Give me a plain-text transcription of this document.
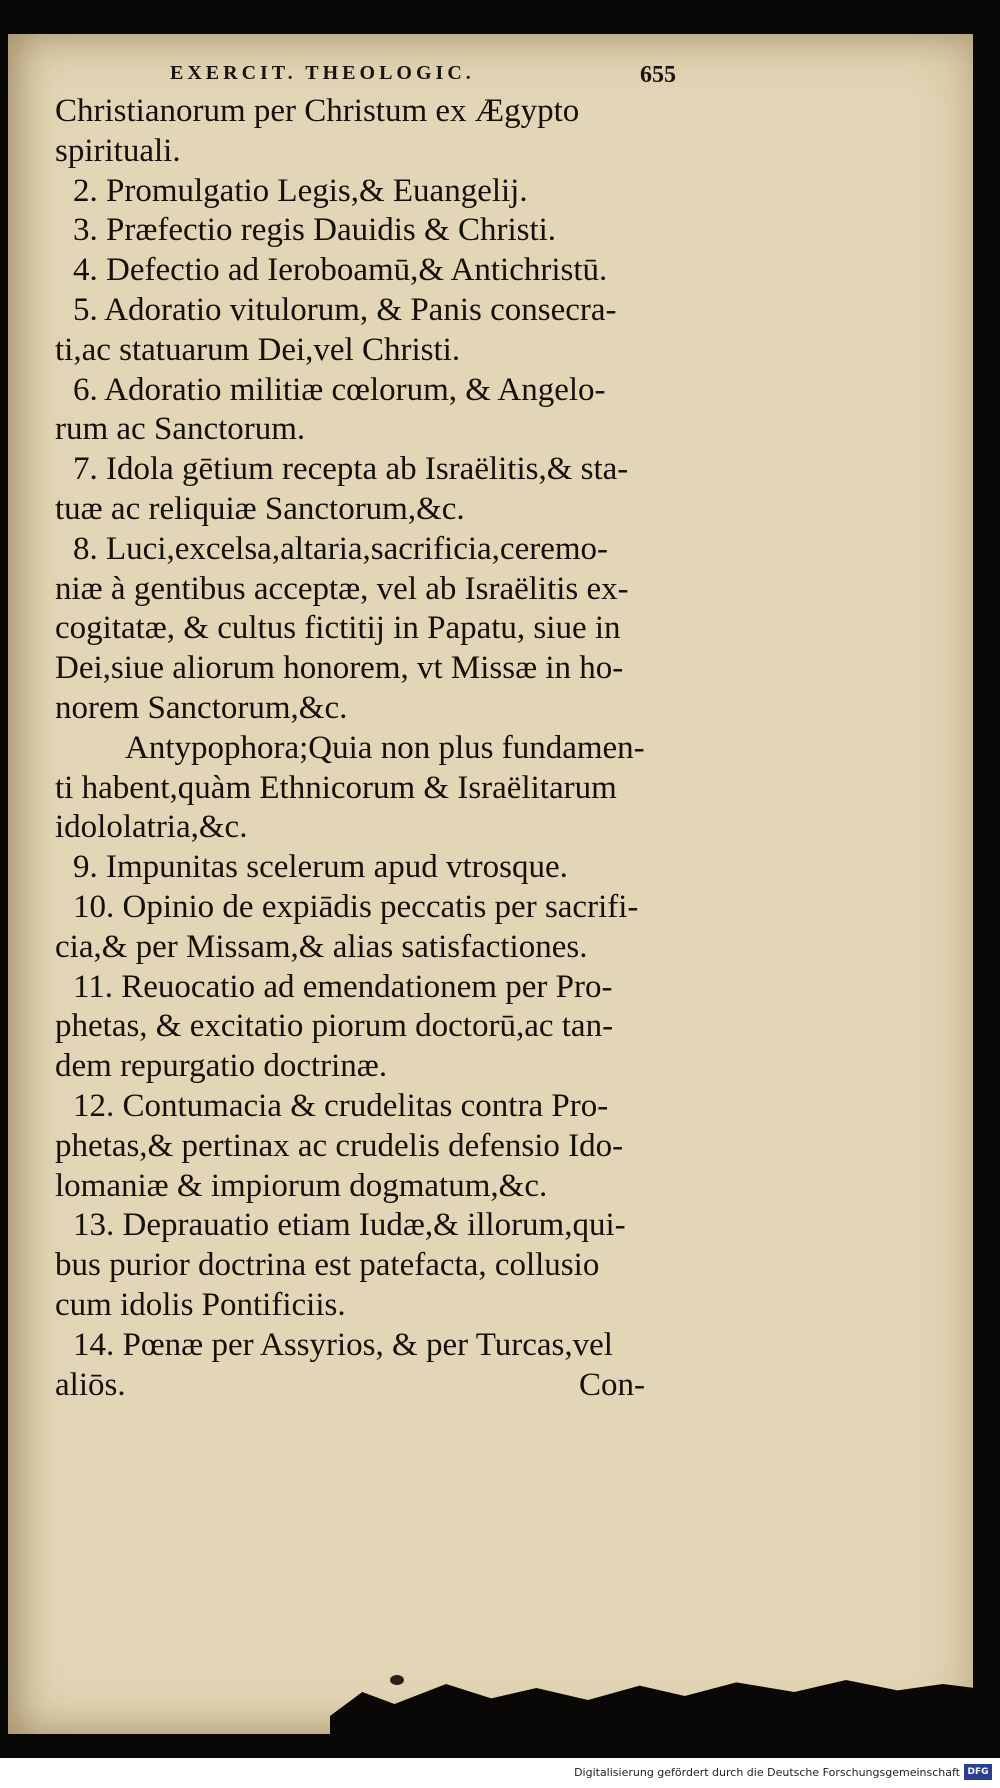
EXERCIT. THEOLOGIC.	655
Christianorum per Christum ex Ægypto
spirituali.
2. Promulgatio Legis,& Euangelij.
3. Præfectio regis Dauidis & Christi.
4. Defectio ad Ieroboamū,& Antichristū.
5. Adoratio vitulorum, & Panis consecra-
ti,ac statuarum Dei,vel Christi.
6. Adoratio militiæ cœlorum, & Angelo-
rum ac Sanctorum.
7. Idola gētium recepta ab Israëlitis,& sta-
tuæ ac reliquiæ Sanctorum,&c.
8. Luci,excelsa,altaria,sacrificia,ceremo-
niæ à gentibus acceptæ, vel ab Israëlitis ex-
cogitatæ, & cultus fictitij in Papatu, siue in
Dei,siue aliorum honorem, vt Missæ in ho-
norem Sanctorum,&c.
Antypophora;Quia non plus fundamen-
ti habent,quàm Ethnicorum & Israëlitarum
idololatria,&c.
9. Impunitas scelerum apud vtrosque.
10. Opinio de expiādis peccatis per sacrifi-
cia,& per Missam,& alias satisfactiones.
11. Reuocatio ad emendationem per Pro-
phetas, & excitatio piorum doctorū,ac tan-
dem repurgatio doctrinæ.
12. Contumacia & crudelitas contra Pro-
phetas,& pertinax ac crudelis defensio Ido-
lomaniæ & impiorum dogmatum,&c.
13. Deprauatio etiam Iudæ,& illorum,qui-
bus purior doctrina est patefacta, collusio
cum idolis Pontificiis.
14. Pœnæ per Assyrios, & per Turcas,vel
aliōs.	Con-
Digitalisierung gefördert durch die Deutsche Forschungsgemeinschaft DFG
